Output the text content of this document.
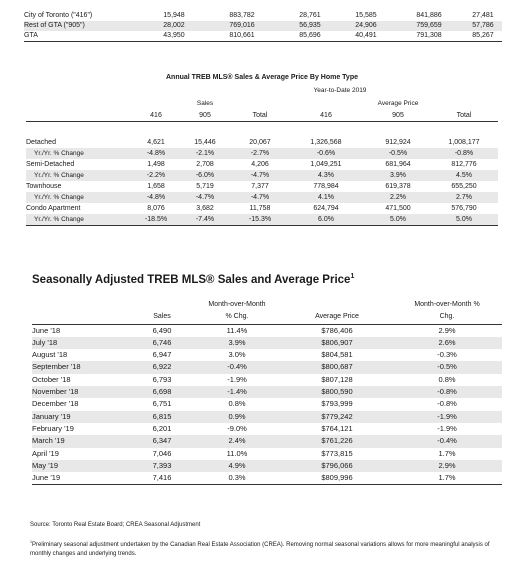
City of Toronto ("416")	15,948	883,782	28,761	15,585	841,886	27,481
Rest of GTA ("905")	28,002	769,016	56,935	24,906	759,659	57,786
GTA	43,950	810,661	85,696	40,491	791,308	85,267
Annual TREB MLS® Sales & Average Price By Home Type
Year-to-Date 2019
		Sales			Average Price	
	416	905	Total	416	905	Total

Detached	4,621	15,446	20,067	1,326,568	912,924	1,008,177
Yr./Yr. % Change	-4.8%	-2.1%	-2.7%	-0.6%	-0.5%	-0.8%
Semi-Detached	1,498	2,708	4,206	1,049,251	681,964	812,776
Yr./Yr. % Change	-2.2%	-6.0%	-4.7%	4.3%	3.9%	4.5%
Townhouse	1,658	5,719	7,377	778,984	619,378	655,250
Yr./Yr. % Change	-4.8%	-4.7%	-4.7%	4.1%	2.2%	2.7%
Condo Apartment	8,076	3,682	11,758	624,794	471,500	576,790
Yr./Yr. % Change	-18.5%	-7.4%	-15.3%	6.0%	5.0%	5.0%
Seasonally Adjusted TREB MLS® Sales and Average Price$^1$
		Month-over-Month		Month-over-Month %
	Sales	% Chg.	Average Price	Chg.
June '18	6,490	11.4%	$786,406	2.9%
July '18	6,746	3.9%	$806,907	2.6%
August '18	6,947	3.0%	$804,581	-0.3%
September '18	6,922	-0.4%	$800,687	-0.5%
October '18	6,793	-1.9%	$807,128	0.8%
November '18	6,698	-1.4%	$800,590	-0.8%
December '18	6,751	0.8%	$793,999	-0.8%
January '19	6,815	0.9%	$779,242	-1.9%
February '19	6,201	-9.0%	$764,121	-1.9%
March '19	6,347	2.4%	$761,226	-0.4%
April '19	7,046	11.0%	$773,815	1.7%
May '19	7,393	4.9%	$796,066	2.9%
June '19	7,416	0.3%	$809,996	1.7%
Source: Toronto Real Estate Board; CREA Seasonal Adjustment
$^1$Preliminary seasonal adjustment undertaken by the Canadian Real Estate Association (CREA). Removing normal seasonal variations allows for more meaningful analysis of monthly changes and underlying trends.
